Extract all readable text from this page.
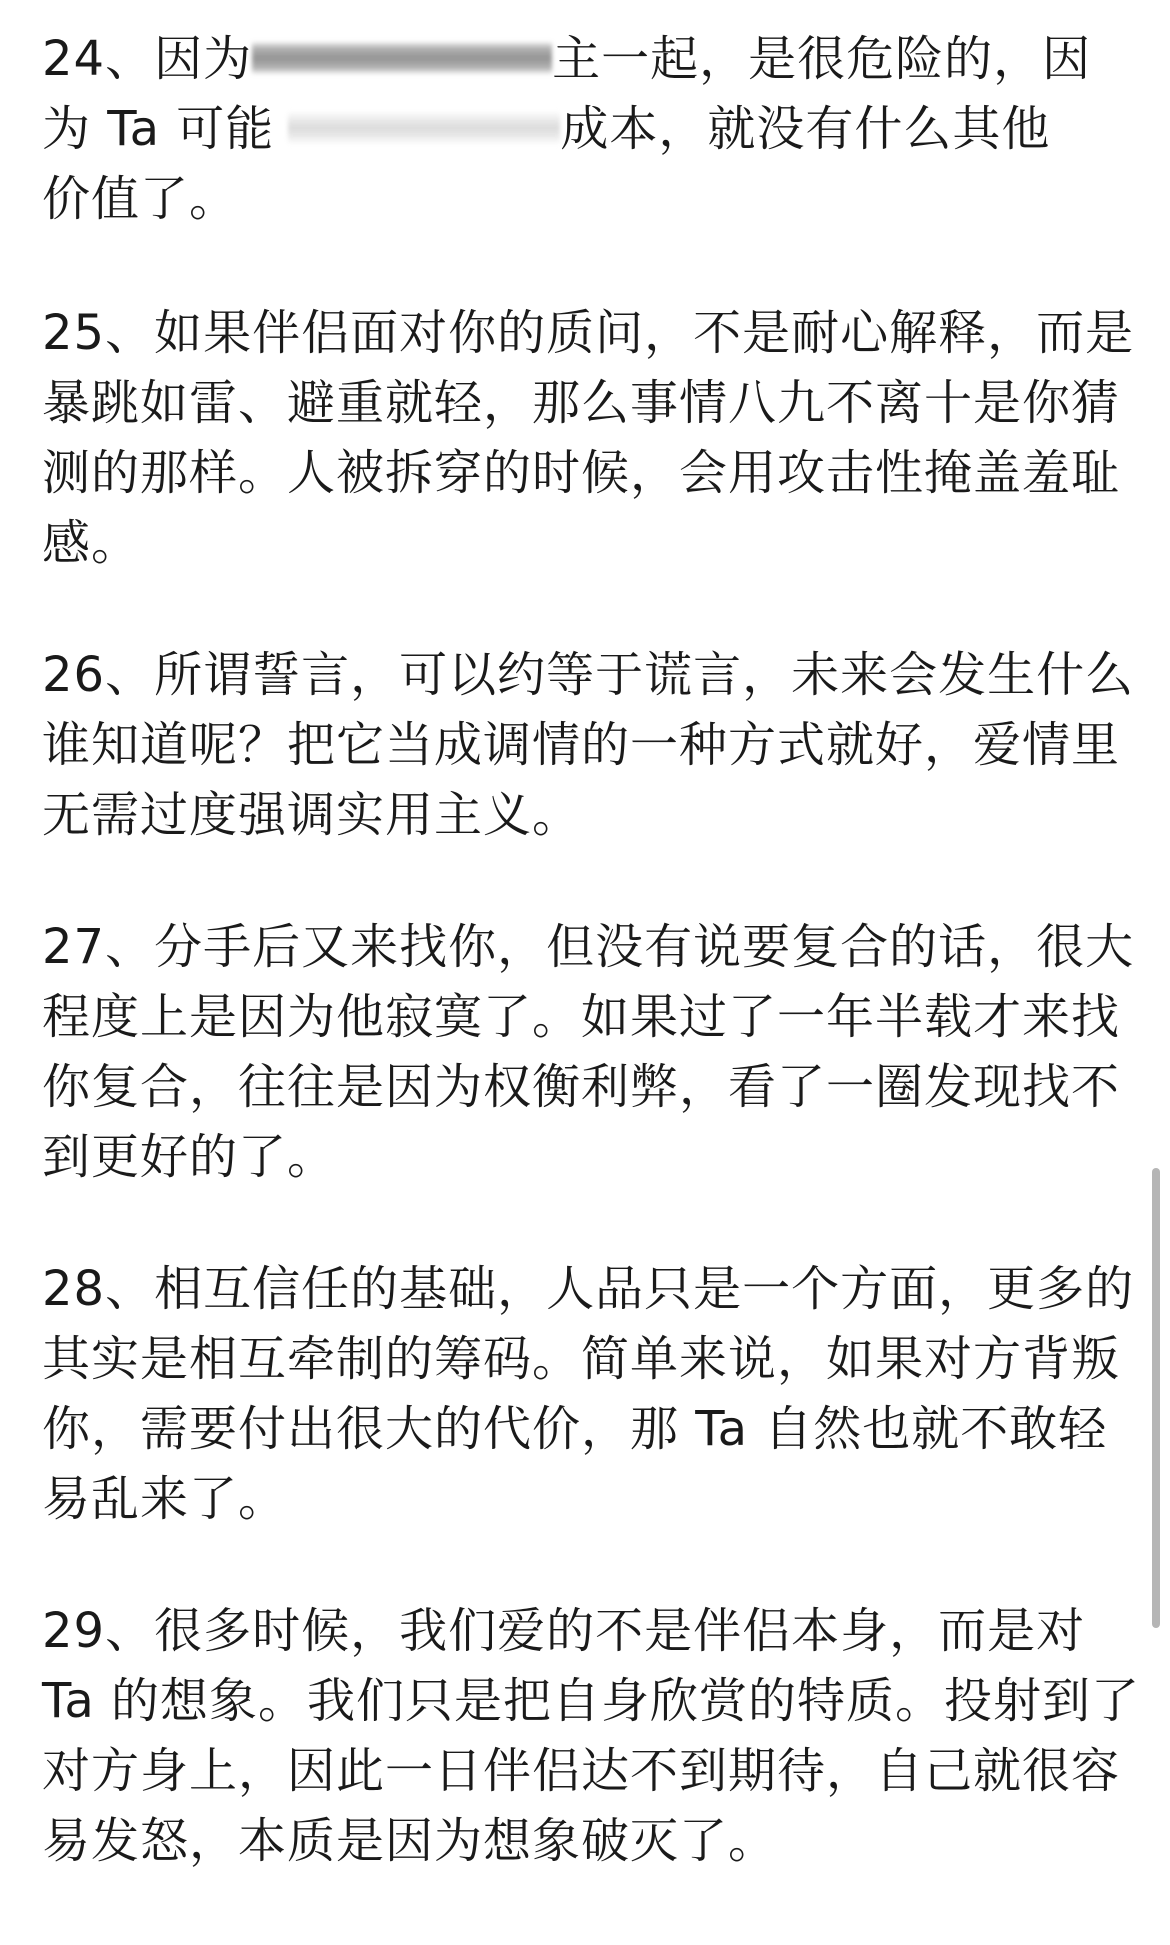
24、因为	主一起，是很危险的，因
为 Ta 可能	成本，就没有什么其他
价值了。
25、如果伴侣面对你的质问，不是耐心解释，而是
暴跳如雷、避重就轻，那么事情八九不离十是你猜
测的那样。人被拆穿的时候，会用攻击性掩盖羞耻
感。
26、所谓誓言，可以约等于谎言，未来会发生什么
谁知道呢？把它当成调情的一种方式就好，爱情里
无需过度强调实用主义。
27、分手后又来找你，但没有说要复合的话，很大
程度上是因为他寂寞了。如果过了一年半载才来找
你复合，往往是因为权衡利弊，看了一圈发现找不
到更好的了。
28、相互信任的基础，人品只是一个方面，更多的
其实是相互牵制的筹码。简单来说，如果对方背叛
你，需要付出很大的代价，那 Ta 自然也就不敢轻
易乱来了。
29、很多时候，我们爱的不是伴侣本身，而是对
Ta 的想象。我们只是把自身欣赏的特质。投射到了
对方身上，因此一日伴侣达不到期待，自己就很容
易发怒，本质是因为想象破灭了。
